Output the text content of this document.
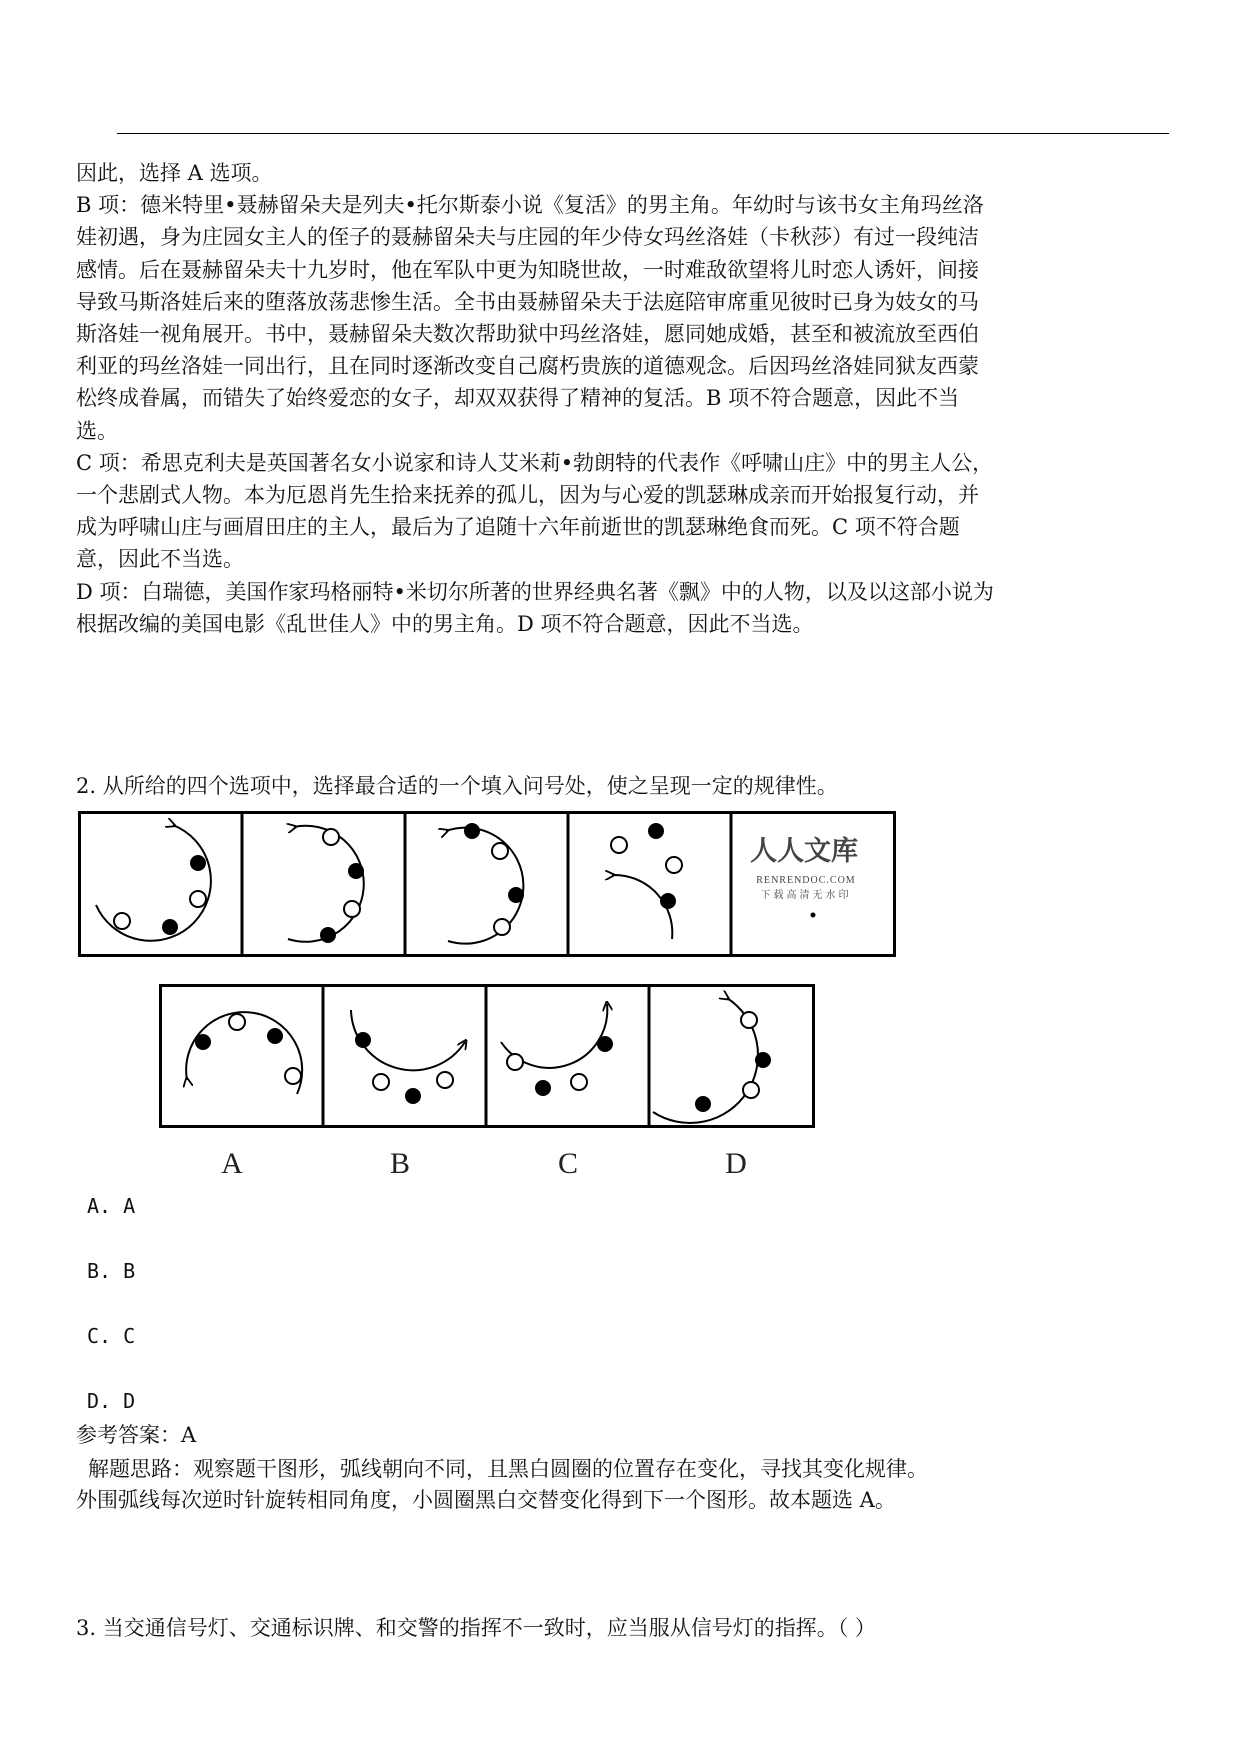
因此，选择 A 选项。
B 项：德米特里•聂赫留朵夫是列夫•托尔斯泰小说《复活》的男主角。年幼时与该书女主角玛丝洛
娃初遇，身为庄园女主人的侄子的聂赫留朵夫与庄园的年少侍女玛丝洛娃（卡秋莎）有过一段纯洁
感情。后在聂赫留朵夫十九岁时，他在军队中更为知晓世故，一时难敌欲望将儿时恋人诱奸，间接
导致马斯洛娃后来的堕落放荡悲惨生活。全书由聂赫留朵夫于法庭陪审席重见彼时已身为妓女的马
斯洛娃一视角展开。书中，聂赫留朵夫数次帮助狱中玛丝洛娃，愿同她成婚，甚至和被流放至西伯
利亚的玛丝洛娃一同出行，且在同时逐渐改变自己腐朽贵族的道德观念。后因玛丝洛娃同狱友西蒙
松终成眷属，而错失了始终爱恋的女子，却双双获得了精神的复活。B 项不符合题意，因此不当
选。
C 项：希思克利夫是英国著名女小说家和诗人艾米莉•勃朗特的代表作《呼啸山庄》中的男主人公，
一个悲剧式人物。本为厄恩肖先生拾来抚养的孤儿，因为与心爱的凯瑟琳成亲而开始报复行动，并
成为呼啸山庄与画眉田庄的主人，最后为了追随十六年前逝世的凯瑟琳绝食而死。C 项不符合题
意，因此不当选。
D 项：白瑞德，美国作家玛格丽特•米切尔所著的世界经典名著《飘》中的人物，以及以这部小说为
根据改编的美国电影《乱世佳人》中的男主角。D 项不符合题意，因此不当选。
2. 从所给的四个选项中，选择最合适的一个填入问号处，使之呈现一定的规律性。
人人文库
RENRENDOC.COM
下载高清无水印
A	B	C	D
A. A
B. B
C. C
D. D
参考答案：A
解题思路：观察题干图形，弧线朝向不同，且黑白圆圈的位置存在变化，寻找其变化规律。
外围弧线每次逆时针旋转相同角度，小圆圈黑白交替变化得到下一个图形。故本题选 A。
3. 当交通信号灯、交通标识牌、和交警的指挥不一致时，应当服从信号灯的指挥。（ ）
